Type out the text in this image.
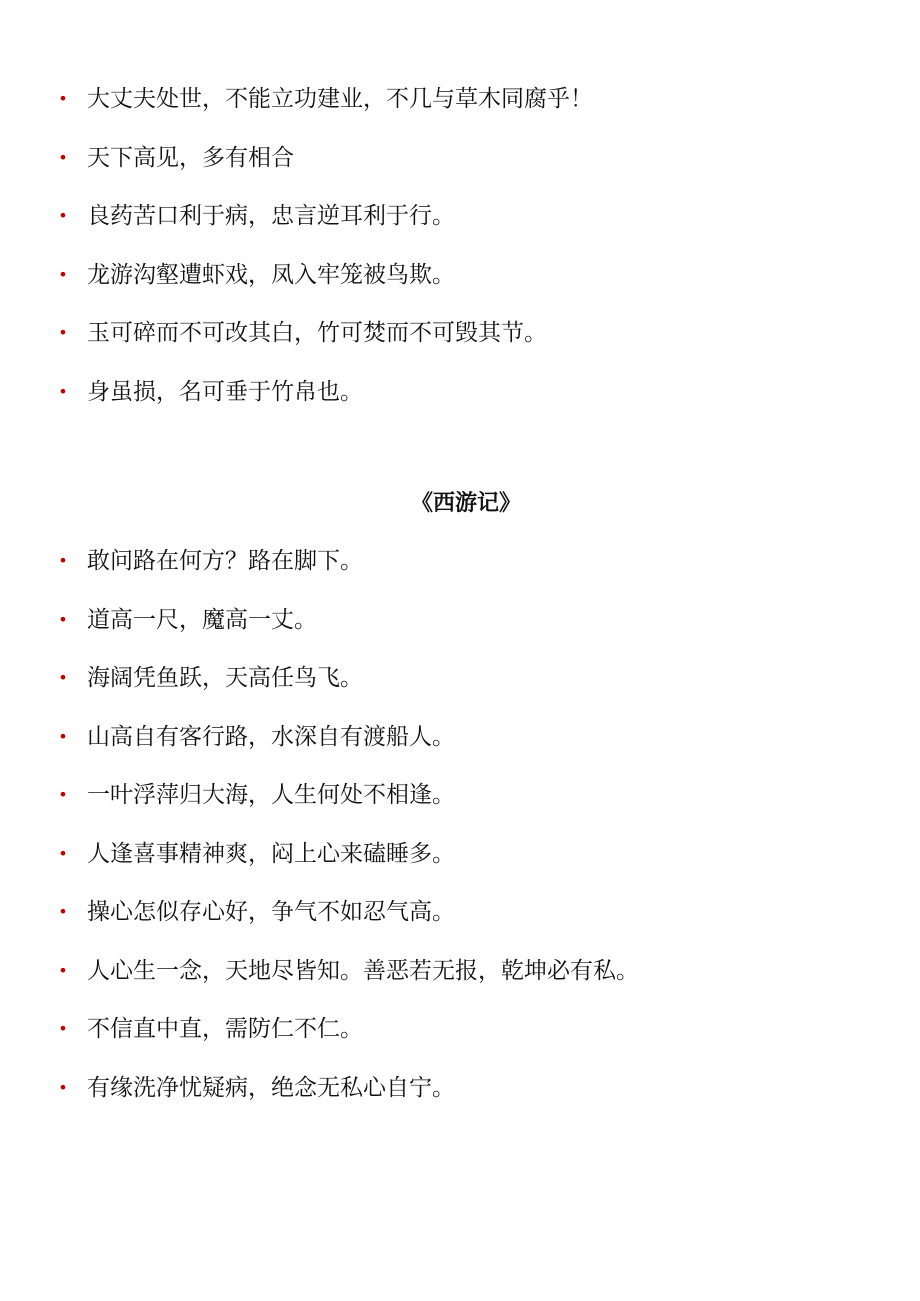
• 大丈夫处世，不能立功建业，不几与草木同腐乎！
• 天下高见，多有相合
• 良药苦口利于病，忠言逆耳利于行。
• 龙游沟壑遭虾戏，凤入牢笼被鸟欺。
• 玉可碎而不可改其白，竹可焚而不可毁其节。
• 身虽损，名可垂于竹帛也。
《西游记》
• 敢问路在何方？路在脚下。
• 道高一尺，魔高一丈。
• 海阔凭鱼跃，天高任鸟飞。
• 山高自有客行路，水深自有渡船人。
• 一叶浮萍归大海，人生何处不相逢。
• 人逢喜事精神爽，闷上心来磕睡多。
• 操心怎似存心好，争气不如忍气高。
• 人心生一念，天地尽皆知。善恶若无报，乾坤必有私。
• 不信直中直，需防仁不仁。
• 有缘洗净忧疑病，绝念无私心自宁。
